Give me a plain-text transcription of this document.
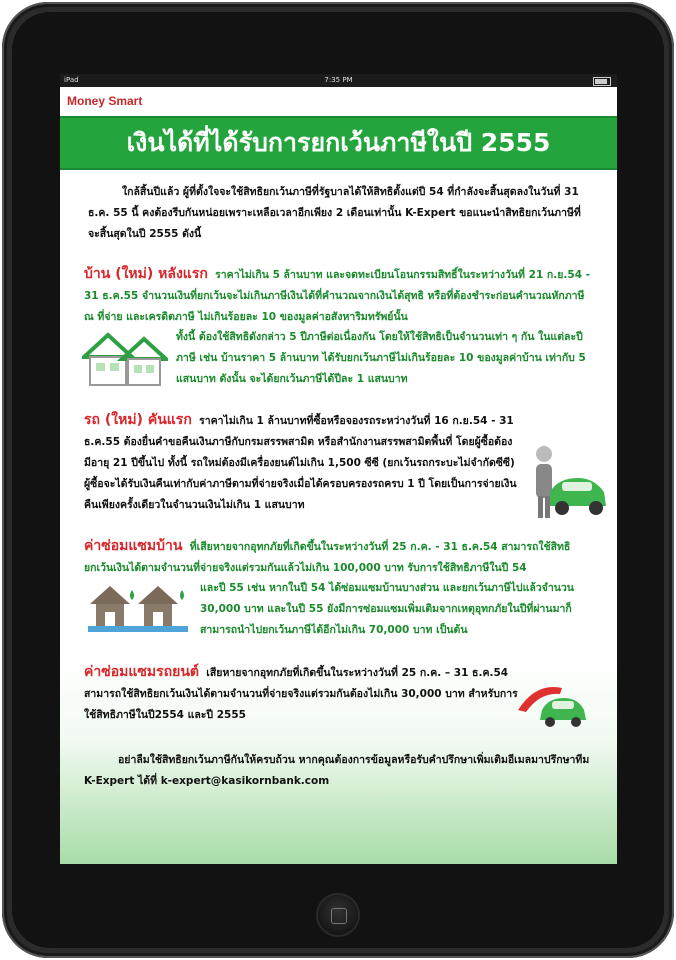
iPad	7:35 PM
Money Smart
เงินได้ที่ได้รับการยกเว้นภาษีในปี 2555
ใกล้สิ้นปีแล้ว ผู้ที่ตั้งใจจะใช้สิทธิยกเว้นภาษีที่รัฐบาลได้ให้สิทธิตั้งแต่ปี 54 ที่กำลังจะสิ้นสุดลงในวันที่ 31 ธ.ค. 55 นี้ คงต้องรีบกันหน่อยเพราะเหลือเวลาอีกเพียง 2 เดือนเท่านั้น K-Expert ขอแนะนำสิทธิยกเว้นภาษีที่จะสิ้นสุดในปี 2555 ดังนี้

บ้าน (ใหม่) หลังแรก ราคาไม่เกิน 5 ล้านบาท และจดทะเบียนโอนกรรมสิทธิ์ในระหว่างวันที่ 21 ก.ย.54 - 31 ธ.ค.55 จำนวนเงินที่ยกเว้นจะไม่เกินภาษีเงินได้ที่คำนวณจากเงินได้สุทธิ หรือที่ต้องชำระก่อนคำนวณหักภาษี ณ ที่จ่าย และเครดิตภาษี ไม่เกินร้อยละ 10 ของมูลค่าอสังหาริมทรัพย์นั้น

ทั้งนี้ ต้องใช้สิทธิดังกล่าว 5 ปีภาษีต่อเนื่องกัน โดยให้ใช้สิทธิเป็นจำนวนเท่า ๆ กัน ในแต่ละปีภาษี เช่น บ้านราคา 5 ล้านบาท ได้รับยกเว้นภาษีไม่เกินร้อยละ 10 ของมูลค่าบ้าน เท่ากับ 5 แสนบาท ดังนั้น จะได้ยกเว้นภาษีได้ปีละ 1 แสนบาท

รถ (ใหม่) คันแรก ราคาไม่เกิน 1 ล้านบาทที่ซื้อหรือจองรถระหว่างวันที่ 16 ก.ย.54 - 31 ธ.ค.55 ต้องยื่นคำขอคืนเงินภาษีกับกรมสรรพสามิต หรือสำนักงานสรรพสามิตพื้นที่ โดยผู้ซื้อต้องมีอายุ 21 ปีขึ้นไป ทั้งนี้ รถใหม่ต้องมีเครื่องยนต์ไม่เกิน 1,500 ซีซี (ยกเว้นรถกระบะไม่จำกัดซีซี) ผู้ซื้อจะได้รับเงินคืนเท่ากับค่าภาษีตามที่จ่ายจริงเมื่อได้ครอบครองรถครบ 1 ปี โดยเป็นการจ่ายเงินคืนเพียงครั้งเดียวในจำนวนเงินไม่เกิน 1 แสนบาท

ค่าซ่อมแซมบ้าน ที่เสียหายจากอุทกภัยที่เกิดขึ้นในระหว่างวันที่ 25 ก.ค. - 31 ธ.ค.54 สามารถใช้สิทธิยกเว้นเงินได้ตามจำนวนที่จ่ายจริงแต่รวมกันแล้วไม่เกิน 100,000 บาท รับการใช้สิทธิภาษีในปี 54

และปี 55 เช่น หากในปี 54 ได้ซ่อมแซมบ้านบางส่วน และยกเว้นภาษีไปแล้วจำนวน 30,000 บาท และในปี 55 ยังมีการซ่อมแซมเพิ่มเติมจากเหตุอุทกภัยในปีที่ผ่านมาก็สามารถนำไปยกเว้นภาษีได้อีกไม่เกิน 70,000 บาท เป็นต้น

ค่าซ่อมแซมรถยนต์ เสียหายจากอุทกภัยที่เกิดขึ้นในระหว่างวันที่ 25 ก.ค. – 31 ธ.ค.54 สามารถใช้สิทธิยกเว้นเงินได้ตามจำนวนที่จ่ายจริงแต่รวมกันต้องไม่เกิน 30,000 บาท สำหรับการใช้สิทธิภาษีในปี2554 และปี 2555

อย่าลืมใช้สิทธิยกเว้นภาษีกันให้ครบถ้วน หากคุณต้องการข้อมูลหรือรับคำปรึกษาเพิ่มเติมอีเมลมาปรึกษาทีม K-Expert ได้ที่ k-expert@kasikornbank.com
